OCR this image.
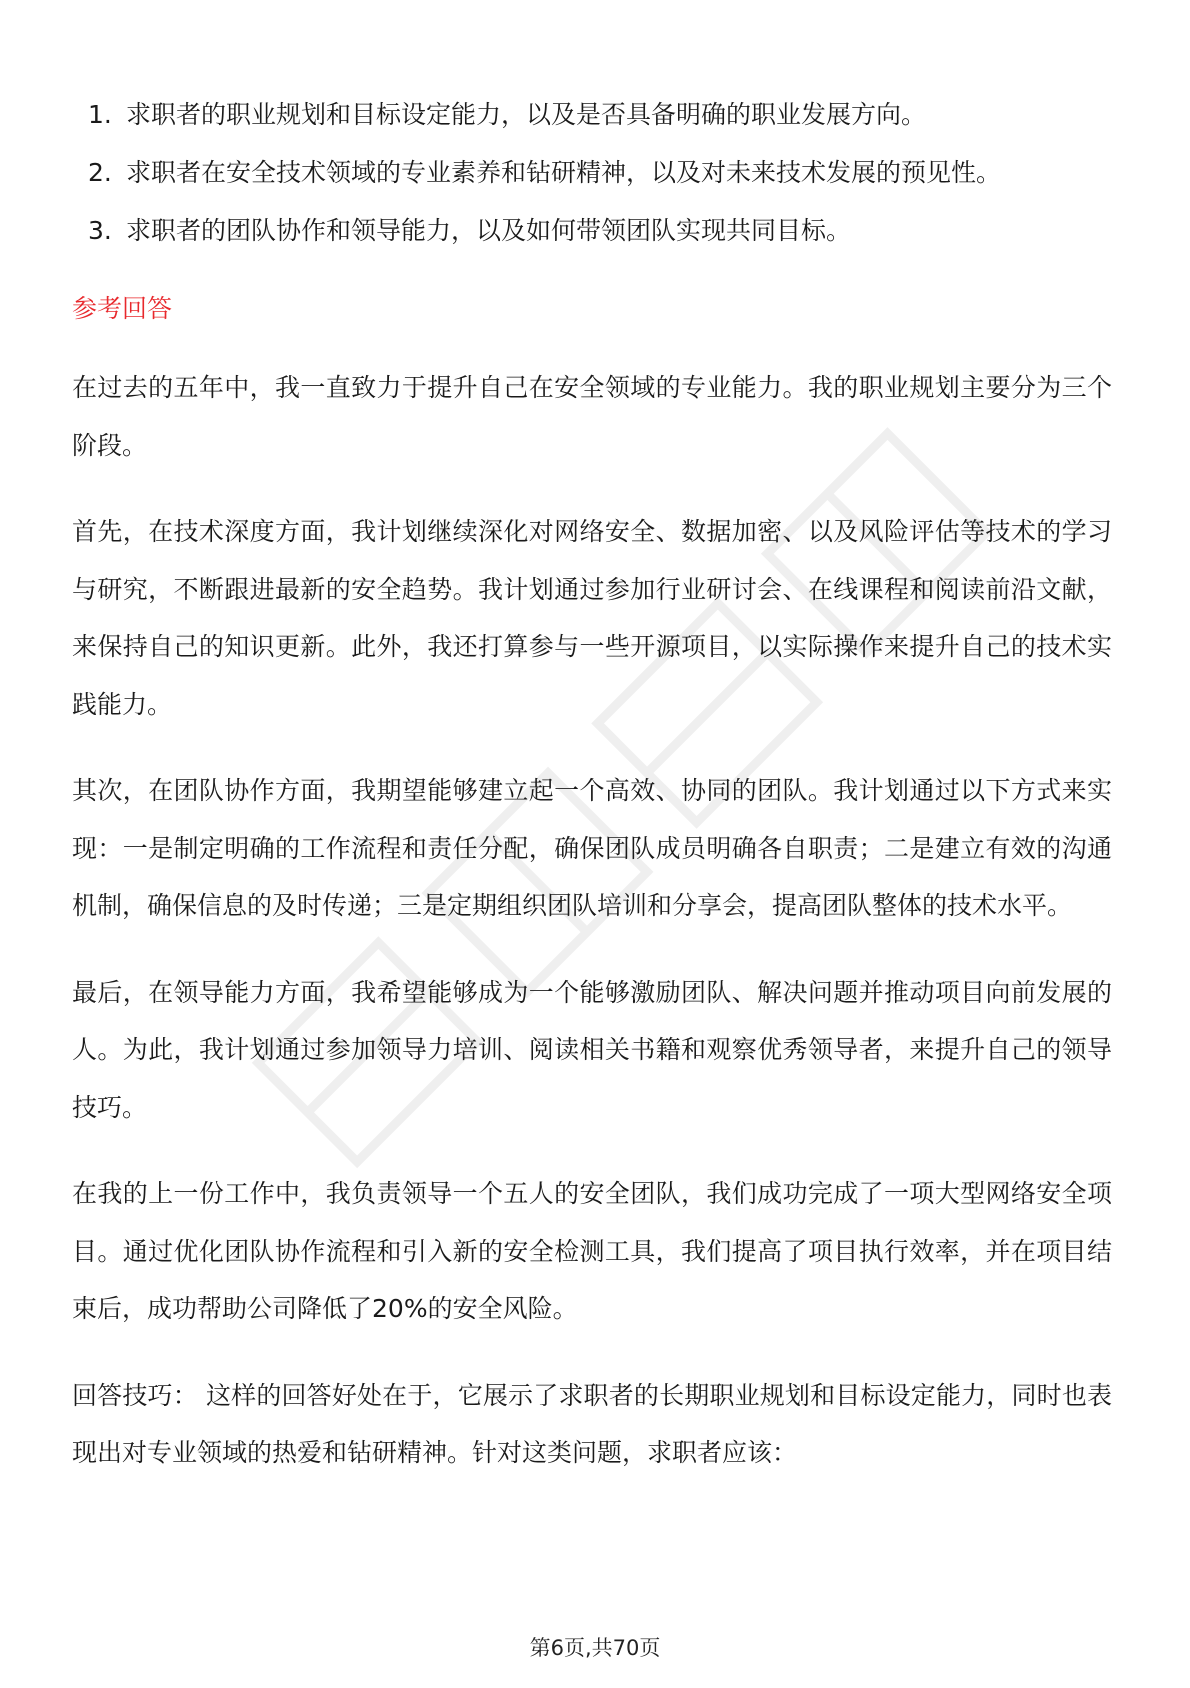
1. 求职者的职业规划和目标设定能力，以及是否具备明确的职业发展方向。
2. 求职者在安全技术领域的专业素养和钻研精神，以及对未来技术发展的预见性。
3. 求职者的团队协作和领导能力，以及如何带领团队实现共同目标。
参考回答

在过去的五年中，我一直致力于提升自己在安全领域的专业能力。我的职业规划主要分为三个阶段。

首先，在技术深度方面，我计划继续深化对网络安全、数据加密、以及风险评估等技术的学习与研究，不断跟进最新的安全趋势。我计划通过参加行业研讨会、在线课程和阅读前沿文献，来保持自己的知识更新。此外，我还打算参与一些开源项目，以实际操作来提升自己的技术实践能力。

其次，在团队协作方面，我期望能够建立起一个高效、协同的团队。我计划通过以下方式来实现：一是制定明确的工作流程和责任分配，确保团队成员明确各自职责；二是建立有效的沟通机制，确保信息的及时传递；三是定期组织团队培训和分享会，提高团队整体的技术水平。

最后，在领导能力方面，我希望能够成为一个能够激励团队、解决问题并推动项目向前发展的人。为此，我计划通过参加领导力培训、阅读相关书籍和观察优秀领导者，来提升自己的领导技巧。

在我的上一份工作中，我负责领导一个五人的安全团队，我们成功完成了一项大型网络安全项目。通过优化团队协作流程和引入新的安全检测工具，我们提高了项目执行效率，并在项目结束后，成功帮助公司降低了20%的安全风险。

回答技巧： 这样的回答好处在于，它展示了求职者的长期职业规划和目标设定能力，同时也表现出对专业领域的热爱和钻研精神。针对这类问题，求职者应该：

第6页,共70页
